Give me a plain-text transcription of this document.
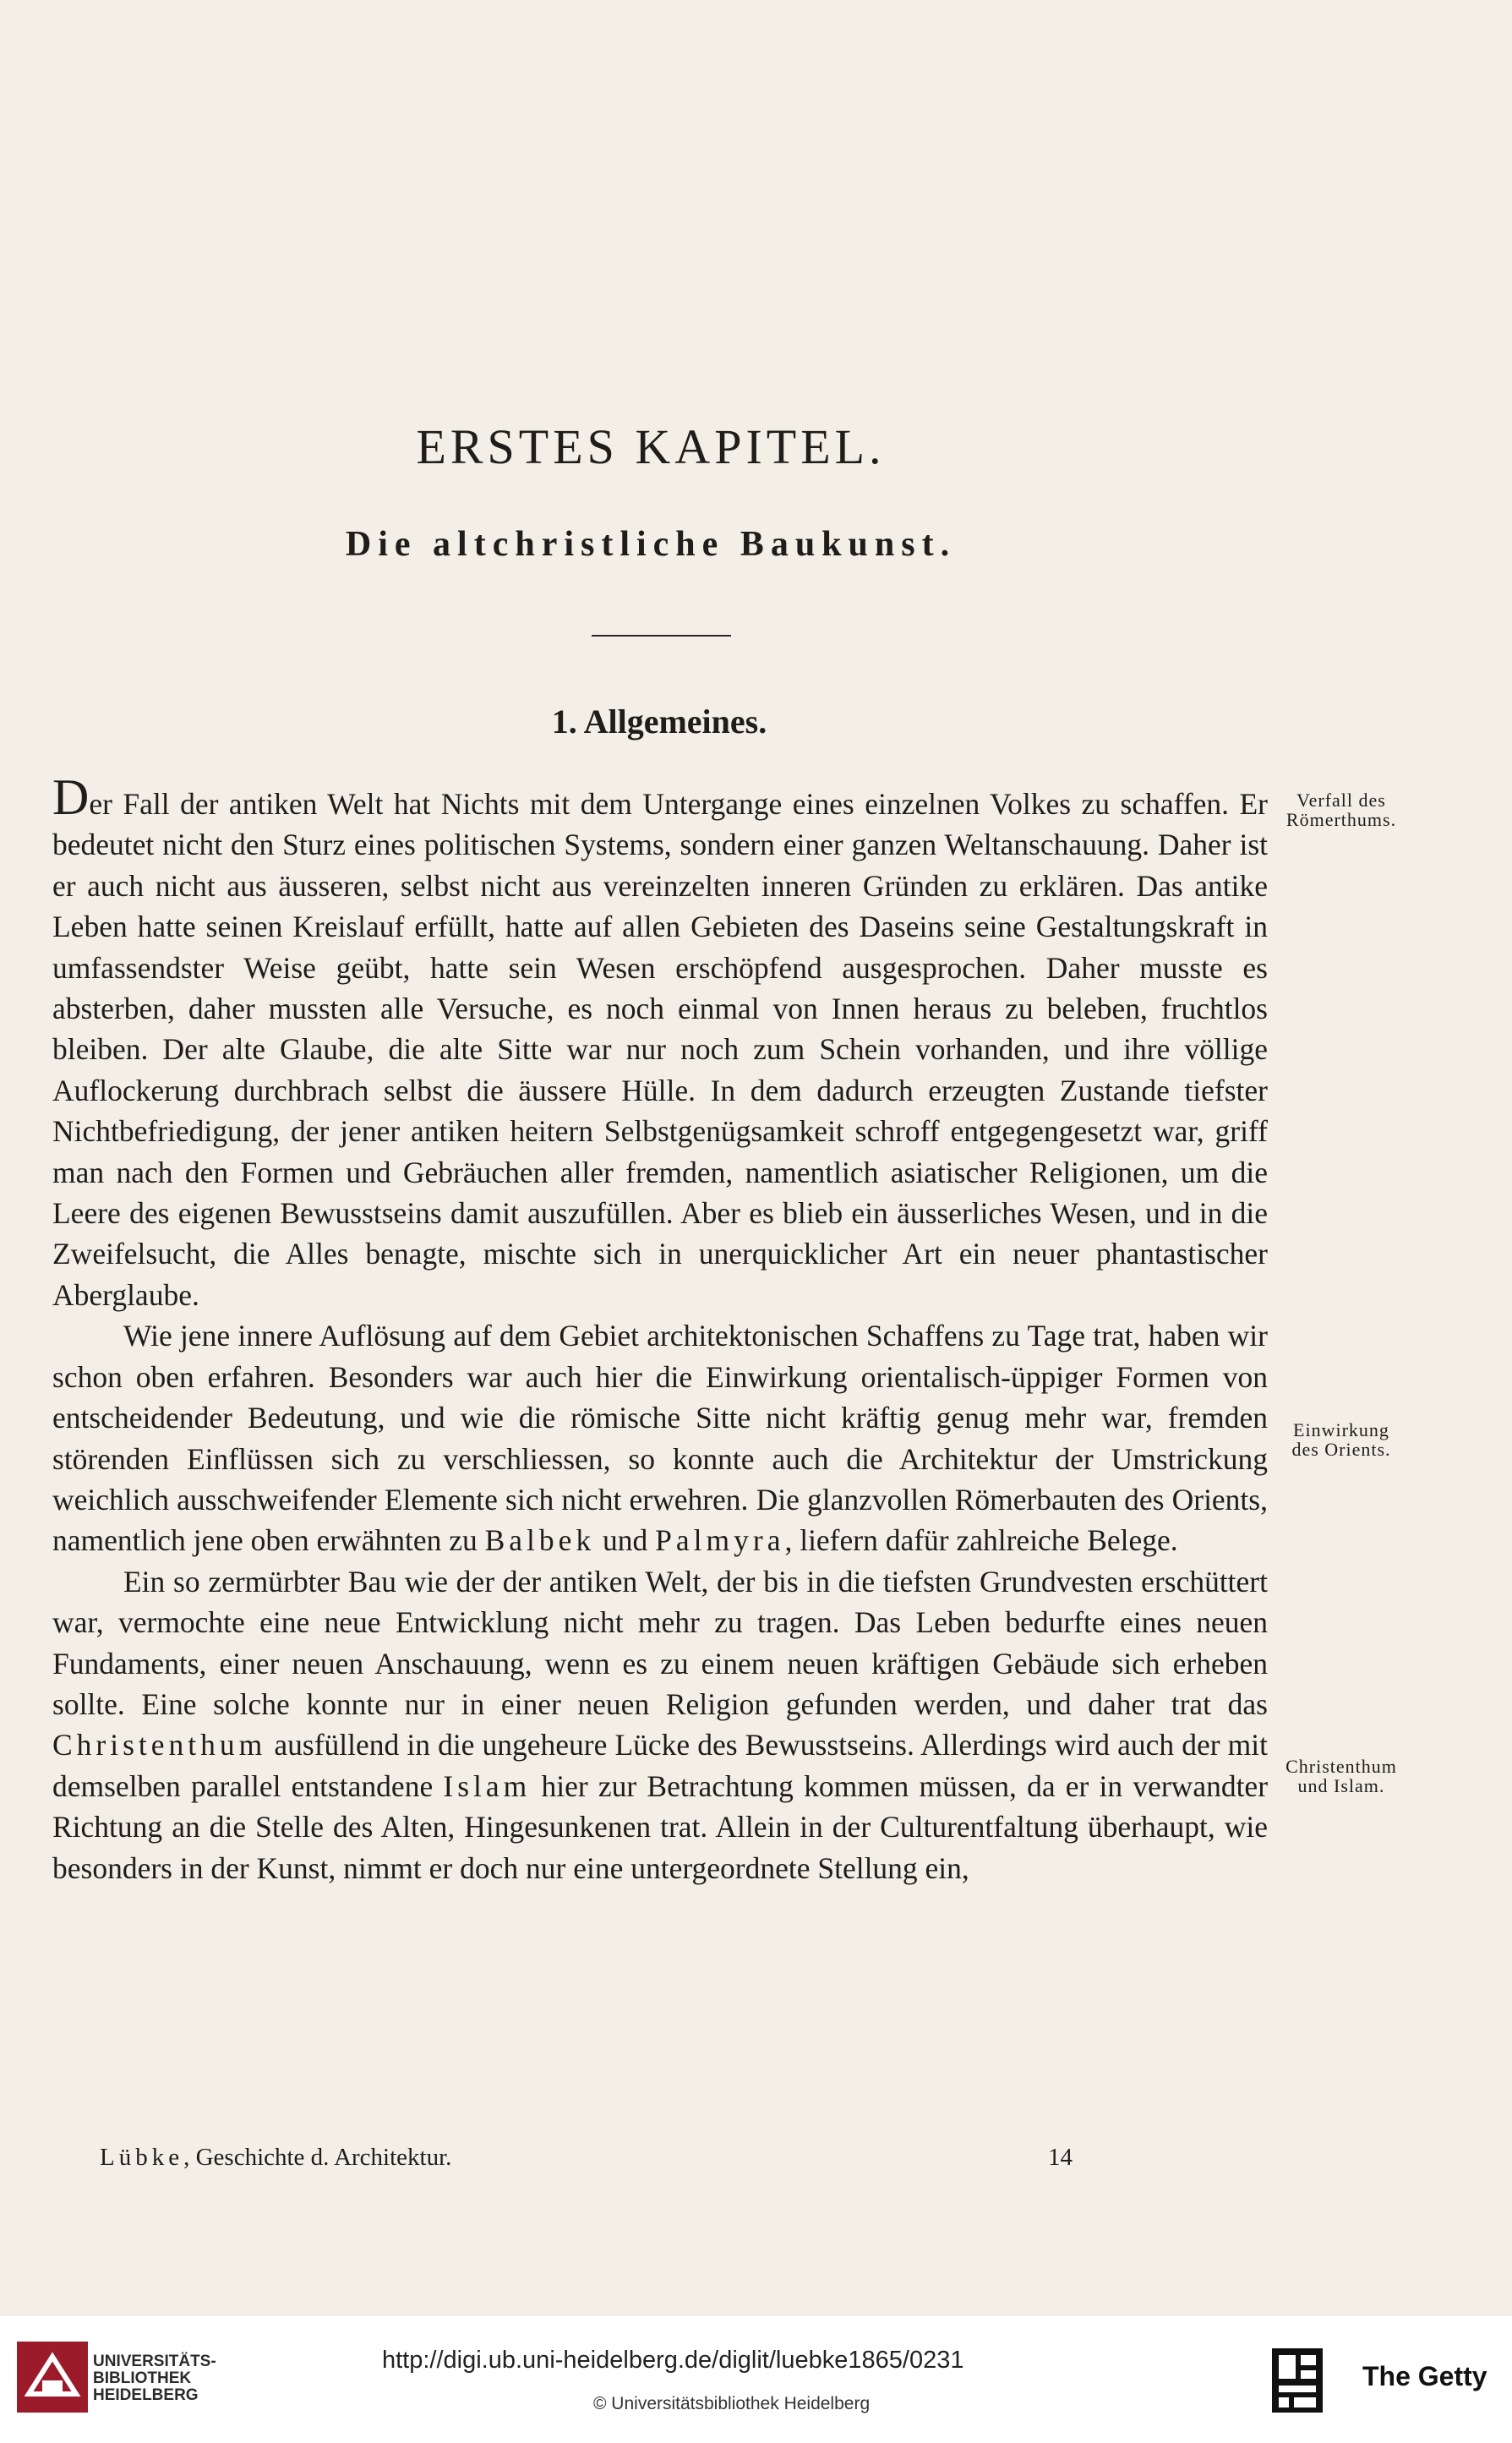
ERSTES KAPITEL.
Die altchristliche Baukunst.
1. Allgemeines.

Der Fall der antiken Welt hat Nichts mit dem Untergange eines einzelnen Volkes zu schaffen. Er bedeutet nicht den Sturz eines politischen Systems, sondern einer ganzen Weltanschauung. Daher ist er auch nicht aus äusseren, selbst nicht aus vereinzelten inneren Gründen zu erklären. Das antike Leben hatte seinen Kreislauf erfüllt, hatte auf allen Gebieten des Daseins seine Gestaltungskraft in umfassendster Weise geübt, hatte sein Wesen erschöpfend ausgesprochen. Daher musste es absterben, daher mussten alle Versuche, es noch einmal von Innen heraus zu beleben, fruchtlos bleiben. Der alte Glaube, die alte Sitte war nur noch zum Schein vorhanden, und ihre völlige Auflockerung durchbrach selbst die äussere Hülle. In dem dadurch erzeugten Zustande tiefster Nichtbefriedigung, der jener antiken heitern Selbstgenügsamkeit schroff entgegengesetzt war, griff man nach den Formen und Gebräuchen aller fremden, namentlich asiatischer Religionen, um die Leere des eigenen Bewusstseins damit auszufüllen. Aber es blieb ein äusserliches Wesen, und in die Zweifelsucht, die Alles benagte, mischte sich in unerquicklicher Art ein neuer phantastischer Aberglaube.

Wie jene innere Auflösung auf dem Gebiet architektonischen Schaffens zu Tage trat, haben wir schon oben erfahren. Besonders war auch hier die Einwirkung orientalisch-üppiger Formen von entscheidender Bedeutung, und wie die römische Sitte nicht kräftig genug mehr war, fremden störenden Einflüssen sich zu verschliessen, so konnte auch die Architektur der Umstrickung weichlich ausschweifender Elemente sich nicht erwehren. Die glanzvollen Römerbauten des Orients, namentlich jene oben erwähnten zu Balbek und Palmyra, liefern dafür zahlreiche Belege.

Ein so zermürbter Bau wie der der antiken Welt, der bis in die tiefsten Grundvesten erschüttert war, vermochte eine neue Entwicklung nicht mehr zu tragen. Das Leben bedurfte eines neuen Fundaments, einer neuen Anschauung, wenn es zu einem neuen kräftigen Gebäude sich erheben sollte. Eine solche konnte nur in einer neuen Religion gefunden werden, und daher trat das Christenthum ausfüllend in die ungeheure Lücke des Bewusstseins. Allerdings wird auch der mit demselben parallel entstandene Islam hier zur Betrachtung kommen müssen, da er in verwandter Richtung an die Stelle des Alten, Hingesunkenen trat. Allein in der Culturentfaltung überhaupt, wie besonders in der Kunst, nimmt er doch nur eine untergeordnete Stellung ein,

Verfall des Römerthums.
Einwirkung des Orients.
Christenthum und Islam.
Lübke, Geschichte d. Architektur.	14
UNIVERSITÄTS-
BIBLIOTHEK
HEIDELBERG
http://digi.ub.uni-heidelberg.de/diglit/luebke1865/0231
© Universitätsbibliothek Heidelberg
The Getty
